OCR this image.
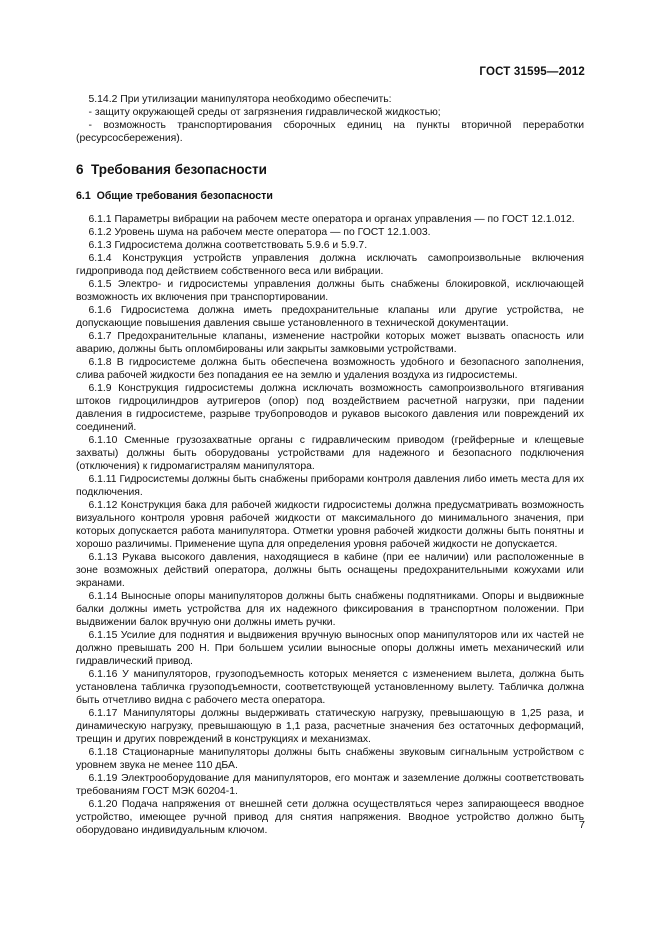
ГОСТ 31595—2012

5.14.2 При утилизации манипулятора необходимо обеспечить:

- защиту окружающей среды от загрязнения гидравлической жидкостью;

- возможность транспортирования сборочных единиц на пункты вторичной переработки (ресурсосбережения).

6 Требования безопасности
6.1 Общие требования безопасности

6.1.1 Параметры вибрации на рабочем месте оператора и органах управления — по ГОСТ 12.1.012.

6.1.2 Уровень шума на рабочем месте оператора — по ГОСТ 12.1.003.

6.1.3 Гидросистема должна соответствовать 5.9.6 и 5.9.7.

6.1.4 Конструкция устройств управления должна исключать самопроизвольные включения гидропривода под действием собственного веса или вибрации.

6.1.5 Электро- и гидросистемы управления должны быть снабжены блокировкой, исключающей возможность их включения при транспортировании.

6.1.6 Гидросистема должна иметь предохранительные клапаны или другие устройства, не допускающие повышения давления свыше установленного в технической документации.

6.1.7 Предохранительные клапаны, изменение настройки которых может вызвать опасность или аварию, должны быть опломбированы или закрыты замковыми устройствами.

6.1.8 В гидросистеме должна быть обеспечена возможность удобного и безопасного заполнения, слива рабочей жидкости без попадания ее на землю и удаления воздуха из гидросистемы.

6.1.9 Конструкция гидросистемы должна исключать возможность самопроизвольного втягивания штоков гидроцилиндров аутригеров (опор) под воздействием расчетной нагрузки, при падении давления в гидросистеме, разрыве трубопроводов и рукавов высокого давления или повреждений их соединений.

6.1.10 Сменные грузозахватные органы с гидравлическим приводом (грейферные и клещевые захваты) должны быть оборудованы устройствами для надежного и безопасного подключения (отключения) к гидромагистралям манипулятора.

6.1.11 Гидросистемы должны быть снабжены приборами контроля давления либо иметь места для их подключения.

6.1.12 Конструкция бака для рабочей жидкости гидросистемы должна предусматривать возможность визуального контроля уровня рабочей жидкости от максимального до минимального значения, при которых допускается работа манипулятора. Отметки уровня рабочей жидкости должны быть понятны и хорошо различимы. Применение щупа для определения уровня рабочей жидкости не допускается.

6.1.13 Рукава высокого давления, находящиеся в кабине (при ее наличии) или расположенные в зоне возможных действий оператора, должны быть оснащены предохранительными кожухами или экранами.

6.1.14 Выносные опоры манипуляторов должны быть снабжены подпятниками. Опоры и выдвижные балки должны иметь устройства для их надежного фиксирования в транспортном положении. При выдвижении балок вручную они должны иметь ручки.

6.1.15 Усилие для поднятия и выдвижения вручную выносных опор манипуляторов или их частей не должно превышать 200 Н. При большем усилии выносные опоры должны иметь механический или гидравлический привод.

6.1.16 У манипуляторов, грузоподъемность которых меняется с изменением вылета, должна быть установлена табличка грузоподъемности, соответствующей установленному вылету. Табличка должна быть отчетливо видна с рабочего места оператора.

6.1.17 Манипуляторы должны выдерживать статическую нагрузку, превышающую в 1,25 раза, и динамическую нагрузку, превышающую в 1,1 раза, расчетные значения без остаточных деформаций, трещин и других повреждений в конструкциях и механизмах.

6.1.18 Стационарные манипуляторы должны быть снабжены звуковым сигнальным устройством с уровнем звука не менее 110 дБА.

6.1.19 Электрооборудование для манипуляторов, его монтаж и заземление должны соответствовать требованиям ГОСТ МЭК 60204-1.

6.1.20 Подача напряжения от внешней сети должна осуществляться через запирающееся вводное устройство, имеющее ручной привод для снятия напряжения. Вводное устройство должно быть оборудовано индивидуальным ключом.	7
